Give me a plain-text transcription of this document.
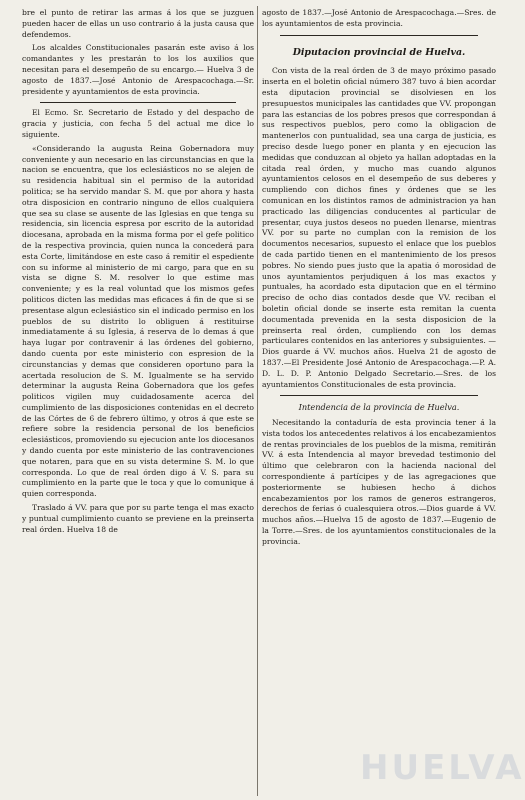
bre el punto de retirar las armas á los que se juzguen pueden hacer de ellas un uso contrario á la justa causa que defendemos.

Los alcaldes Constitucionales pasarán este aviso á los comandantes y les prestarán to los los auxilios que necesitan para el desempeño de su encargo.— Huelva 3 de agosto de 1837.—José Antonio de Arespacochaga.—Sr. presidente y ayuntamientos de esta provincia.

El Ecmo. Sr. Secretario de Estado y del despacho de gracia y justicia, con fecha 5 del actual me dice lo siguiente.

«Considerando la augusta Reina Gobernadora muy conveniente y aun necesario en las circunstancias en que la nacion se encuentra, que los eclesiásticos no se alejen de su residencia habitual sin el permiso de la autoridad politica; se ha servido mandar S. M. que por ahora y hasta otra disposicion en contrario ninguno de ellos cualquiera que sea su clase se ausente de las Iglesias en que tenga su residencia, sin licencia espresa por escrito de la autoridad diocesana, aprobada en la misma forma por el gefe politico de la respectiva provincia, quien nunca la concederá para esta Corte, limitándose en este caso á remitir el espediente con su informe al ministerio de mi cargo, para que en su vista se digne S. M. resolver lo que estime mas conveniente; y es la real voluntad que los mismos gefes politicos dicten las medidas mas eficaces á fin de que si se presentase algun eclesiástico sin el indicado permiso en los pueblos de su distrito lo obliguen á restituirse inmediatamente á su Iglesia, á reserva de lo demas á que haya lugar por contravenir á las órdenes del gobierno, dando cuenta por este ministerio con espresion de la circunstancias y demas que consideren oportuno para la acertada resolucion de S. M. Igualmente se ha servido determinar la augusta Reina Gobernadora que los gefes politicos vigilen muy cuidadosamente acerca del cumplimiento de las disposiciones contenidas en el decreto de las Córtes de 6 de febrero último, y otros á que este se refiere sobre la residencia personal de los beneficios eclesiásticos, promoviendo su ejecucion ante los diocesanos y dando cuenta por este ministerio de las contravenciones que notaren, para que en su vista determine S. M. lo que corresponda. Lo que de real órden digo á V. S. para su cumplimiento en la parte que le toca y que lo comunique á quien corresponda.

Traslado á VV. para que por su parte tenga el mas exacto y puntual cumplimiento cuanto se previene en la preinserta real órden. Huelva 18 de

agosto de 1837.—José Antonio de Arespacochaga.—Sres. de los ayuntamientos de esta provincia.

Diputacion provincial de Huelva.

Con vista de la real órden de 3 de mayo próximo pasado inserta en el boletin oficial número 387 tuvo á bien acordar esta diputacion provincial se disolviesen en los presupuestos municipales las cantidades que VV. propongan para las estancias de los pobres presos que correspondan á sus respectivos pueblos, pero como la obligacion de mantenerlos con puntualidad, sea una carga de justicia, es preciso desde luego poner en planta y en ejecucion las medidas que conduzcan al objeto ya hallan adoptadas en la citada real órden, y mucho mas cuando algunos ayuntamientos celosos en el desempeño de sus deberes y cumpliendo con dichos fines y órdenes que se les comunican en los distintos ramos de administracion ya han practicado las diligencias conducentes al particular de presentar, cuya justos deseos no pueden llenarse, mientras VV. por su parte no cumplan con la remision de los documentos necesarios, supuesto el enlace que los pueblos de cada partido tienen en el mantenimiento de los presos pobres. No siendo pues justo que la apatia ó morosidad de unos ayuntamientos perjudiquen á los mas exactos y puntuales, ha acordado esta diputacion que en el término preciso de ocho dias contados desde que VV. reciban el boletin oficial donde se inserte esta remitan la cuenta documentada prevenida en la sesta disposicion de la preinserta real órden, cumpliendo con los demas particulares contenidos en las anteriores y subsiguientes. —Dios guarde á VV. muchos años. Huelva 21 de agosto de 1837.—El Presidente José Antonio de Arespacochaga.—P. A. D. L. D. P. Antonio Delgado Secretario.—Sres. de los ayuntamientos Constitucionales de esta provincia.

Intendencia de la provincia de Huelva.

Necesitando la contaduría de esta provincia tener á la vista todos los antecedentes relativos á los encabezamientos de rentas provinciales de los pueblos de la misma, remitirán VV. á esta Intendencia al mayor brevedad testimonio del último que celebraron con la hacienda nacional del correspondiente á partícipes y de las agregaciones que posteriormente se hubiesen hecho á dichos encabezamientos por los ramos de generos estrangeros, derechos de ferias ó cualesquiera otros.—Dios guarde á VV. muchos años.—Huelva 15 de agosto de 1837.—Eugenio de la Torre.—Sres. de los ayuntamientos constitucionales de la provincia.

HUELVA
